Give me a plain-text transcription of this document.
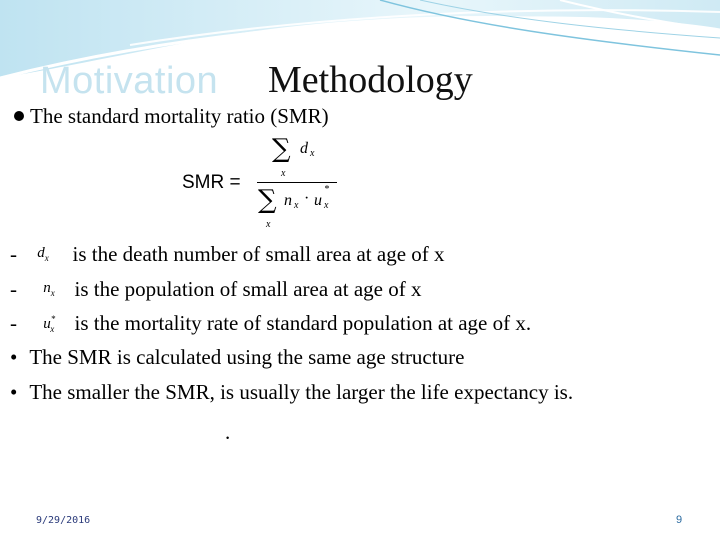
Motivation Methodology
The standard mortality ratio (SMR)
SMR =
∑ d x
x
∑ n x · u
*
x
x
- $d_x$ is the death number of small area at age of x
- $n_x$ is the population of small area at age of x
- $u^*_x$ is the mortality rate of standard population at age of x.
• The SMR is calculated using the same age structure
• The smaller the SMR, is usually the larger the life expectancy is.
.
9/29/2016	9
